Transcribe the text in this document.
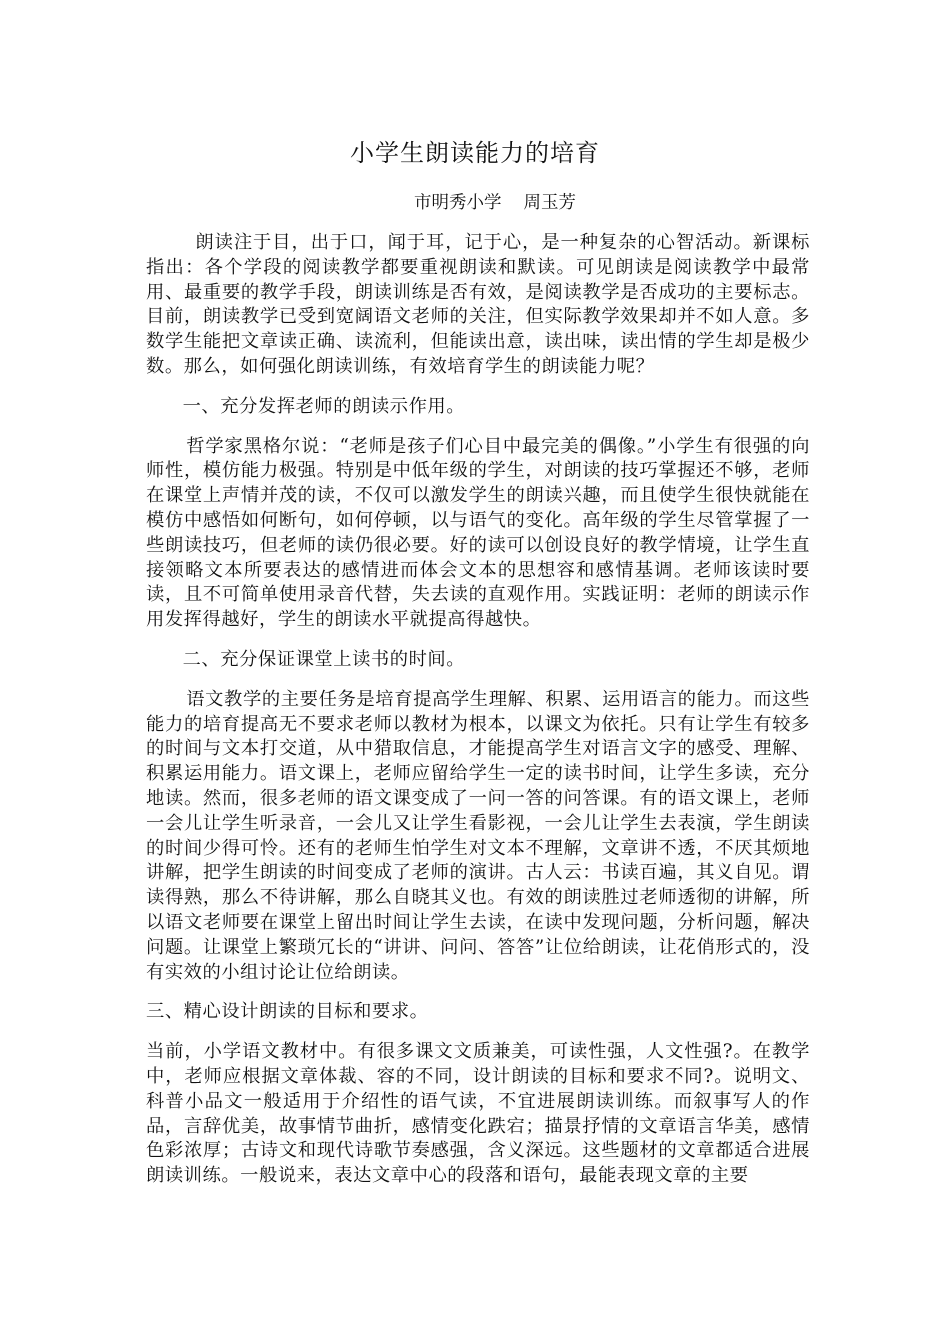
小学生朗读能力的培育
市明秀小学 周玉芳

朗读注于目，出于口，闻于耳，记于心，是一种复杂的心智活动。新课标指出：各个学段的阅读教学都要重视朗读和默读。可见朗读是阅读教学中最常用、最重要的教学手段，朗读训练是否有效，是阅读教学是否成功的主要标志。目前，朗读教学已受到宽阔语文老师的关注，但实际教学效果却并不如人意。多数学生能把文章读正确、读流利，但能读出意，读出味，读出情的学生却是极少数。那么，如何强化朗读训练，有效培育学生的朗读能力呢？

一、充分发挥老师的朗读示作用。

哲学家黑格尔说：“老师是孩子们心目中最完美的偶像。”小学生有很强的向师性，模仿能力极强。特别是中低年级的学生，对朗读的技巧掌握还不够，老师在课堂上声情并茂的读，不仅可以激发学生的朗读兴趣，而且使学生很快就能在模仿中感悟如何断句，如何停顿，以与语气的变化。高年级的学生尽管掌握了一些朗读技巧，但老师的读仍很必要。好的读可以创设良好的教学情境，让学生直接领略文本所要表达的感情进而体会文本的思想容和感情基调。老师该读时要读，且不可简单使用录音代替，失去读的直观作用。实践证明：老师的朗读示作用发挥得越好，学生的朗读水平就提高得越快。

二、充分保证课堂上读书的时间。

语文教学的主要任务是培育提高学生理解、积累、运用语言的能力。而这些能力的培育提高无不要求老师以教材为根本，以课文为依托。只有让学生有较多的时间与文本打交道，从中猎取信息，才能提高学生对语言文字的感受、理解、积累运用能力。语文课上，老师应留给学生一定的读书时间，让学生多读，充分地读。然而，很多老师的语文课变成了一问一答的问答课。有的语文课上，老师一会儿让学生听录音，一会儿又让学生看影视，一会儿让学生去表演，学生朗读的时间少得可怜。还有的老师生怕学生对文本不理解，文章讲不透，不厌其烦地讲解，把学生朗读的时间变成了老师的演讲。古人云：书读百遍，其义自见。谓读得熟，那么不待讲解，那么自晓其义也。有效的朗读胜过老师透彻的讲解，所以语文老师要在课堂上留出时间让学生去读，在读中发现问题，分析问题，解决问题。让课堂上繁琐冗长的“讲讲、问问、答答”让位给朗读，让花俏形式的，没有实效的小组讨论让位给朗读。

三、精心设计朗读的目标和要求。

当前，小学语文教材中。有很多课文文质兼美，可读性强，人文性强?。在教学中，老师应根据文章体裁、容的不同，设计朗读的目标和要求不同?。说明文、科普小品文一般适用于介绍性的语气读，不宜进展朗读训练。而叙事写人的作品，言辞优美，故事情节曲折，感情变化跌宕；描景抒情的文章语言华美，感情色彩浓厚；古诗文和现代诗歌节奏感强，含义深远。这些题材的文章都适合进展朗读训练。一般说来，表达文章中心的段落和语句，最能表现文章的主要
